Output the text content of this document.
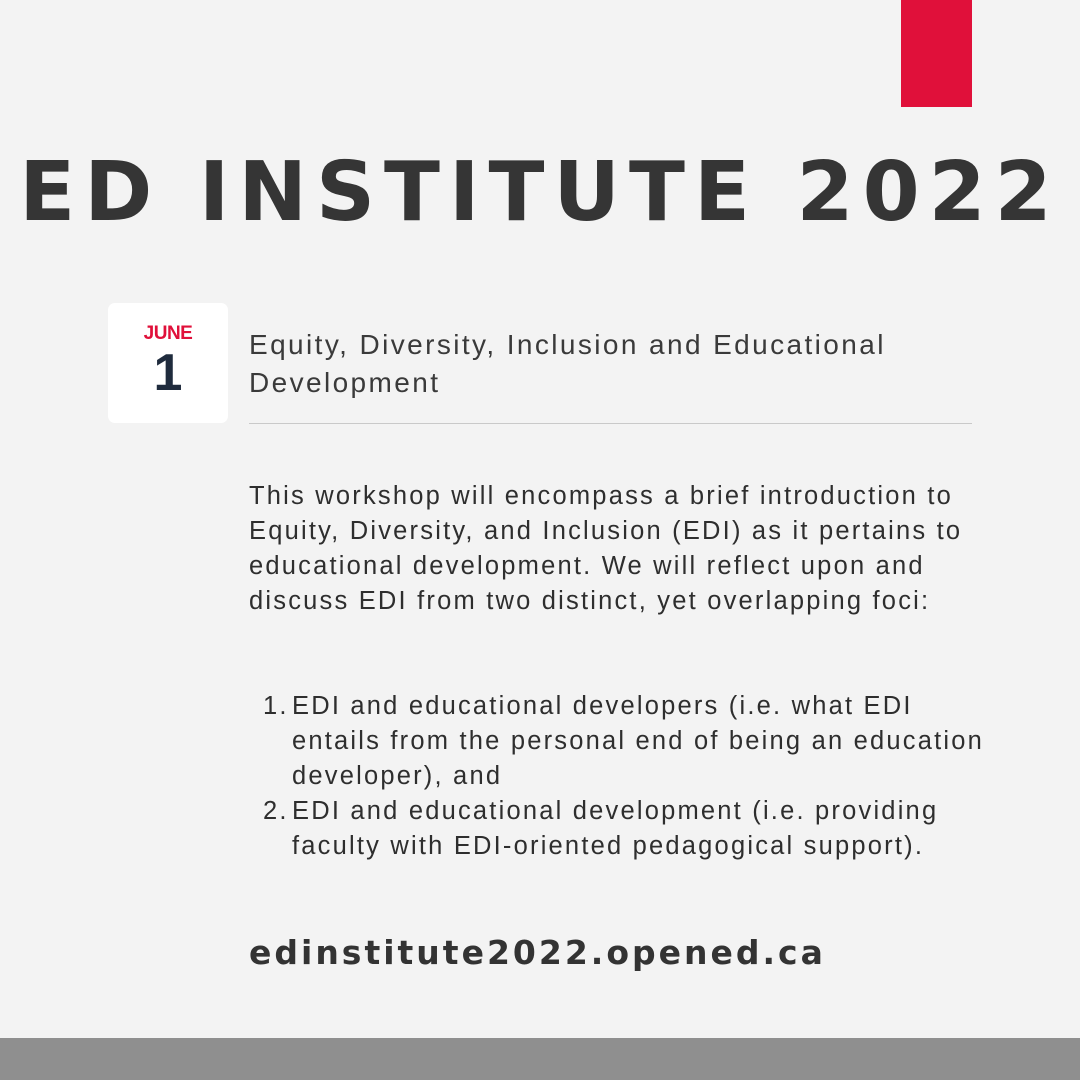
ED INSTITUTE 2022
JUNE
1	Equity, Diversity, Inclusion and Educational Development

This workshop will encompass a brief introduction to Equity, Diversity, and Inclusion (EDI) as it pertains to educational development. We will reflect upon and discuss EDI from two distinct, yet overlapping foci:

1. EDI and educational developers (i.e. what EDI entails from the personal end of being an education developer), and
2. EDI and educational development (i.e. providing faculty with EDI-oriented pedagogical support).
edinstitute2022.opened.ca
